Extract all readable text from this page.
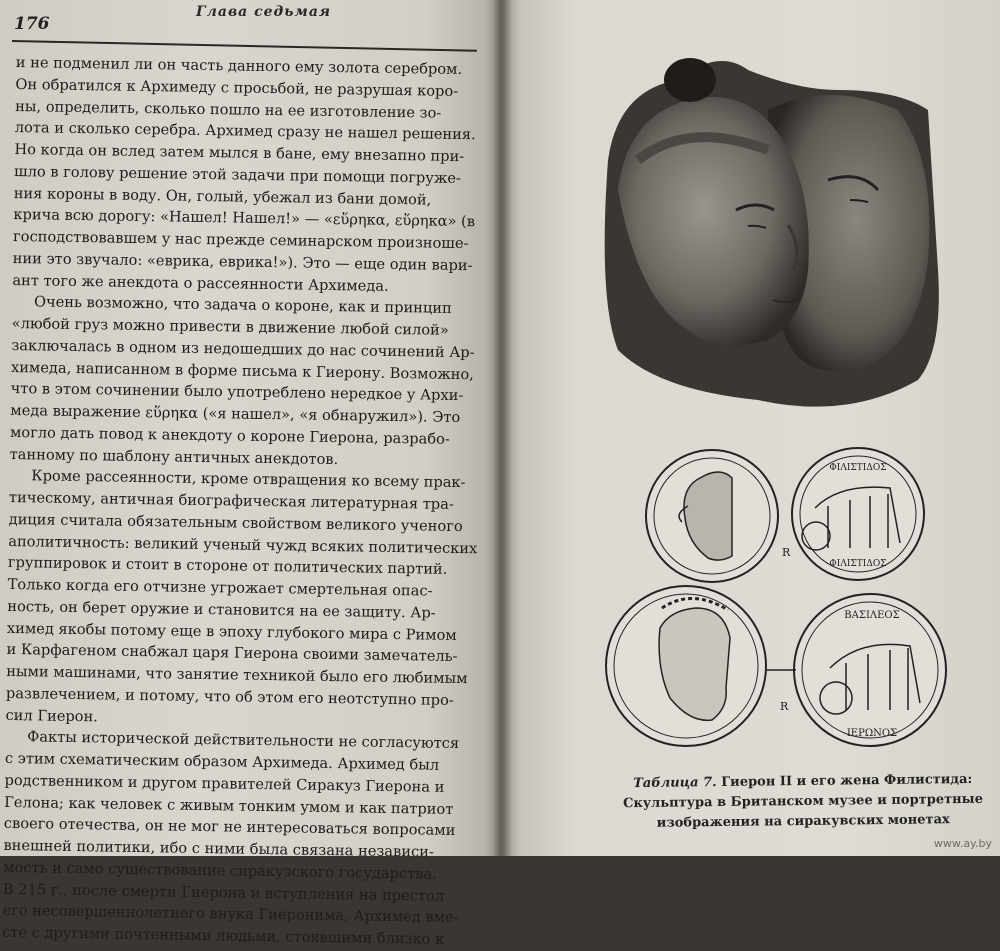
176
Глава седьмая

и не подменил ли он часть данного ему золота серебром.

Он обратился к Архимеду с просьбой, не разрушая коро-

ны, определить, сколько пошло на ее изготовление зо-

лота и сколько серебра. Архимед сразу не нашел решения.

Но когда он вслед затем мылся в бане, ему внезапно при-

шло в голову решение этой задачи при помощи погруже-

ния короны в воду. Он, голый, убежал из бани домой,

крича всю дорогу: «Нашел! Нашел!» — «εὕρηκα, εὕρηκα» (в

господствовавшем у нас прежде семинарском произноше-

нии это звучало: «еврика, еврика!»). Это — еще один вари-

ант того же анекдота о рассеянности Архимеда.

Очень возможно, что задача о короне, как и принцип

«любой груз можно привести в движение любой силой»

заключалась в одном из недошедших до нас сочинений Ар-

химеда, написанном в форме письма к Гиерону. Возможно,

что в этом сочинении было употреблено нередкое у Архи-

меда выражение εὕρηκα («я нашел», «я обнаружил»). Это

могло дать повод к анекдоту о короне Гиерона, разрабо-

танному по шаблону античных анекдотов.

Кроме рассеянности, кроме отвращения ко всему прак-

тическому, античная биографическая литературная тра-

диция считала обязательным свойством великого ученого

аполитичность: великий ученый чужд всяких политических

группировок и стоит в стороне от политических партий.

Только когда его отчизне угрожает смертельная опас-

ность, он берет оружие и становится на ее защиту. Ар-

химед якобы потому еще в эпоху глубокого мира с Римом

и Карфагеном снабжал царя Гиерона своими замечатель-

ными машинами, что занятие техникой было его любимым

развлечением, и потому, что об этом его неотступно про-

сил Гиерон.

Факты исторической действительности не согласуются

с этим схематическим образом Архимеда. Архимед был

родственником и другом правителей Сиракуз Гиерона и

Гелона; как человек с живым тонким умом и как патриот

своего отечества, он не мог не интересоваться вопросами

внешней политики, ибо с ними была связана независи-

мость и само существование сиракузского государства.

В 215 г., после смерти Гиерона и вступления на престол

его несовершеннолетнего внука Гиеронима, Архимед вме-

сте с другими почтенными людьми, стоявшими близко к

ΦΙΛΙΣΤΙΔΟΣ
ΦΙΛΙΣΤΙΔΟΣ
ΒΑΣΙΛΕΟΣ
ΙΕΡΩΝΟΣ
R
R
Таблица 7. Гиерон II и его жена Филистида:
Скульптура в Британском музее и портретные
изображения на сиракувских монетах
www.ay.by
